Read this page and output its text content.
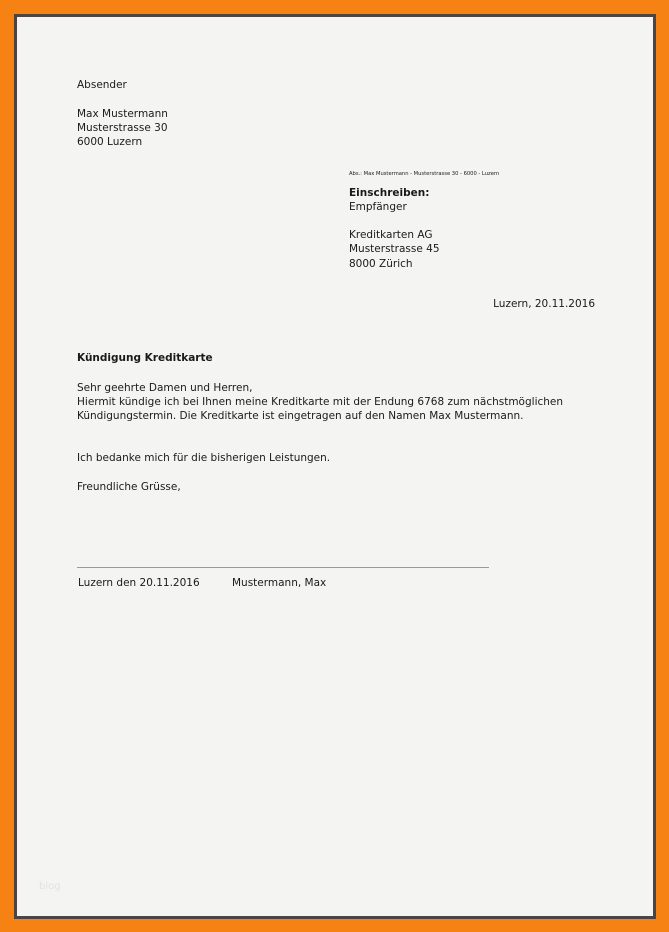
Absender
Max Mustermann
Musterstrasse 30
6000 Luzern
Abs.: Max Mustermann - Musterstrasse 30 - 6000 - Luzern
Einschreiben:
Empfänger
Kreditkarten AG
Musterstrasse 45
8000 Zürich
Luzern, 20.11.2016
Kündigung Kreditkarte
Sehr geehrte Damen und Herren,
Hiermit kündige ich bei Ihnen meine Kreditkarte mit der Endung 6768 zum nächstmöglichen
Kündigungstermin. Die Kreditkarte ist eingetragen auf den Namen Max Mustermann.
Ich bedanke mich für die bisherigen Leistungen.
Freundliche Grüsse,
Luzern den 20.11.2016	Mustermann, Max
blog
